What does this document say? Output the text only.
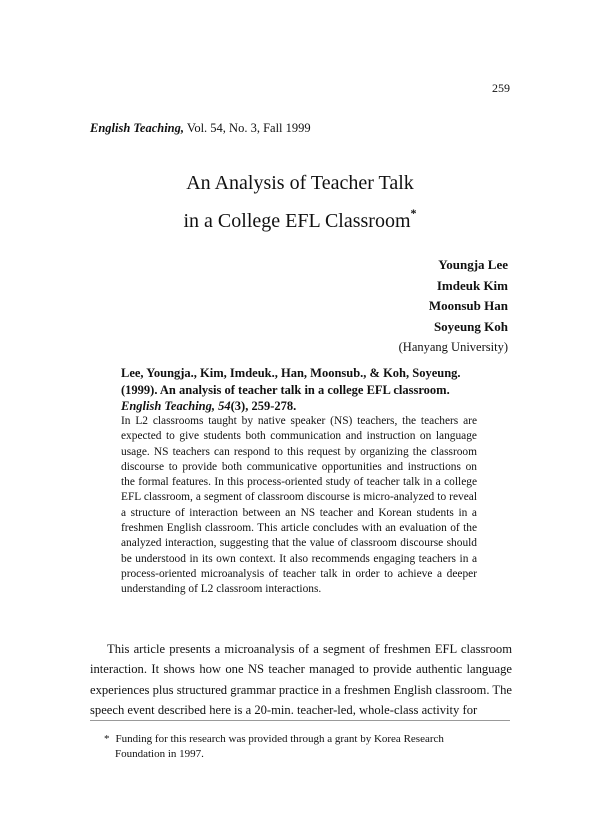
259
English Teaching, Vol. 54, No. 3, Fall 1999
An Analysis of Teacher Talk
in a College EFL Classroom*
Youngja Lee
Imdeuk Kim
Moonsub Han
Soyeung Koh
(Hanyang University)
Lee, Youngja., Kim, Imdeuk., Han, Moonsub., & Koh, Soyeung. (1999). An analysis of teacher talk in a college EFL classroom. English Teaching, 54(3), 259-278.
In L2 classrooms taught by native speaker (NS) teachers, the teachers are expected to give students both communication and instruction on language usage. NS teachers can respond to this request by organizing the classroom discourse to provide both communicative opportunities and instructions on the formal features. In this process-oriented study of teacher talk in a college EFL classroom, a segment of classroom discourse is micro-analyzed to reveal a structure of interaction between an NS teacher and Korean students in a freshmen English classroom. This article concludes with an evaluation of the analyzed interaction, suggesting that the value of classroom discourse should be understood in its own context. It also recommends engaging teachers in a process-oriented microanalysis of teacher talk in order to achieve a deeper understanding of L2 classroom interactions.
This article presents a microanalysis of a segment of freshmen EFL classroom interaction. It shows how one NS teacher managed to provide authentic language experiences plus structured grammar practice in a freshmen English classroom. The speech event described here is a 20-min. teacher-led, whole-class activity for
* Funding for this research was provided through a grant by Korea Research
Foundation in 1997.
